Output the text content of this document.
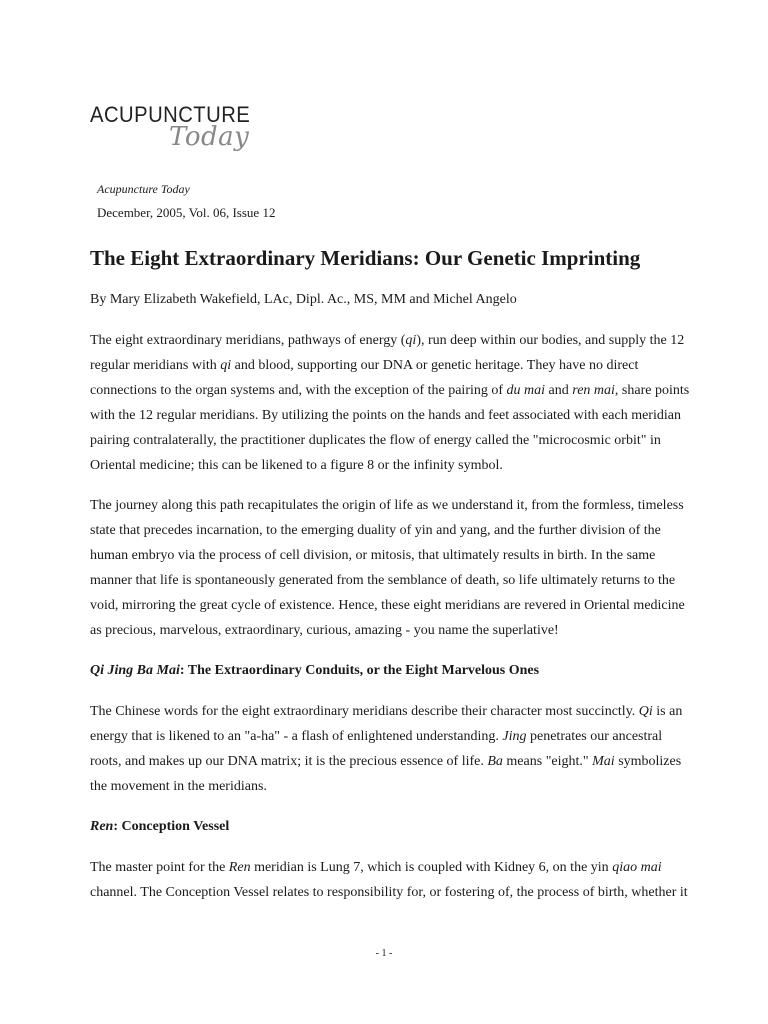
ACUPUNCTURE
Today
Acupuncture Today
December, 2005, Vol. 06, Issue 12
The Eight Extraordinary Meridians: Our Genetic Imprinting
By Mary Elizabeth Wakefield, LAc, Dipl. Ac., MS, MM and Michel Angelo

The eight extraordinary meridians, pathways of energy (qi), run deep within our bodies, and supply the 12 regular meridians with qi and blood, supporting our DNA or genetic heritage. They have no direct connections to the organ systems and, with the exception of the pairing of du mai and ren mai, share points with the 12 regular meridians. By utilizing the points on the hands and feet associated with each meridian pairing contralaterally, the practitioner duplicates the flow of energy called the "microcosmic orbit" in Oriental medicine; this can be likened to a figure 8 or the infinity symbol.

The journey along this path recapitulates the origin of life as we understand it, from the formless, timeless state that precedes incarnation, to the emerging duality of yin and yang, and the further division of the human embryo via the process of cell division, or mitosis, that ultimately results in birth. In the same manner that life is spontaneously generated from the semblance of death, so life ultimately returns to the void, mirroring the great cycle of existence. Hence, these eight meridians are revered in Oriental medicine as precious, marvelous, extraordinary, curious, amazing - you name the superlative!

Qi Jing Ba Mai: The Extraordinary Conduits, or the Eight Marvelous Ones

The Chinese words for the eight extraordinary meridians describe their character most succinctly. Qi is an energy that is likened to an "a-ha" - a flash of enlightened understanding. Jing penetrates our ancestral roots, and makes up our DNA matrix; it is the precious essence of life. Ba means "eight." Mai symbolizes the movement in the meridians.

Ren: Conception Vessel

The master point for the Ren meridian is Lung 7, which is coupled with Kidney 6, on the yin qiao mai channel. The Conception Vessel relates to responsibility for, or fostering of, the process of birth, whether it

- 1 -
